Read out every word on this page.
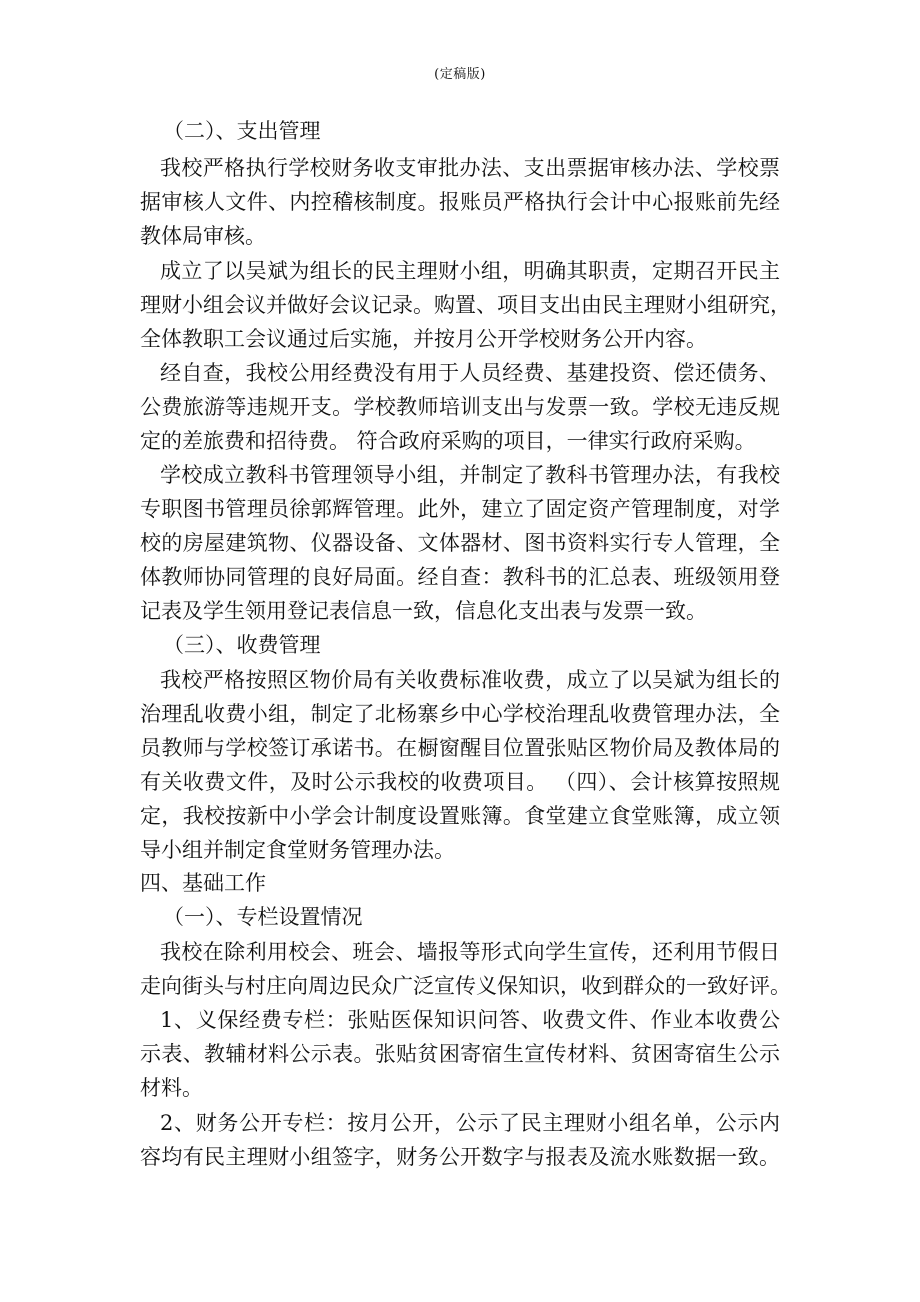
(定稿版)
（二）、支出管理
我校严格执行学校财务收支审批办法、支出票据审核办法、学校票
据审核人文件、内控稽核制度。报账员严格执行会计中心报账前先经
教体局审核。
成立了以吴斌为组长的民主理财小组，明确其职责，定期召开民主
理财小组会议并做好会议记录。购置、项目支出由民主理财小组研究，
全体教职工会议通过后实施，并按月公开学校财务公开内容。
经自查，我校公用经费没有用于人员经费、基建投资、偿还债务、
公费旅游等违规开支。学校教师培训支出与发票一致。学校无违反规
定的差旅费和招待费。 符合政府采购的项目，一律实行政府采购。
学校成立教科书管理领导小组，并制定了教科书管理办法，有我校
专职图书管理员徐郭辉管理。此外，建立了固定资产管理制度，对学
校的房屋建筑物、仪器设备、文体器材、图书资料实行专人管理，全
体教师协同管理的良好局面。经自查：教科书的汇总表、班级领用登
记表及学生领用登记表信息一致，信息化支出表与发票一致。
（三）、收费管理
我校严格按照区物价局有关收费标准收费，成立了以吴斌为组长的
治理乱收费小组，制定了北杨寨乡中心学校治理乱收费管理办法，全
员教师与学校签订承诺书。在橱窗醒目位置张贴区物价局及教体局的
有关收费文件，及时公示我校的收费项目。 （四）、会计核算按照规
定，我校按新中小学会计制度设置账簿。食堂建立食堂账簿，成立领
导小组并制定食堂财务管理办法。
四、基础工作
（一）、专栏设置情况
我校在除利用校会、班会、墙报等形式向学生宣传，还利用节假日
走向街头与村庄向周边民众广泛宣传义保知识，收到群众的一致好评。
1、义保经费专栏：张贴医保知识问答、收费文件、作业本收费公
示表、教辅材料公示表。张贴贫困寄宿生宣传材料、贫困寄宿生公示
材料。
2、财务公开专栏：按月公开，公示了民主理财小组名单，公示内
容均有民主理财小组签字，财务公开数字与报表及流水账数据一致。
